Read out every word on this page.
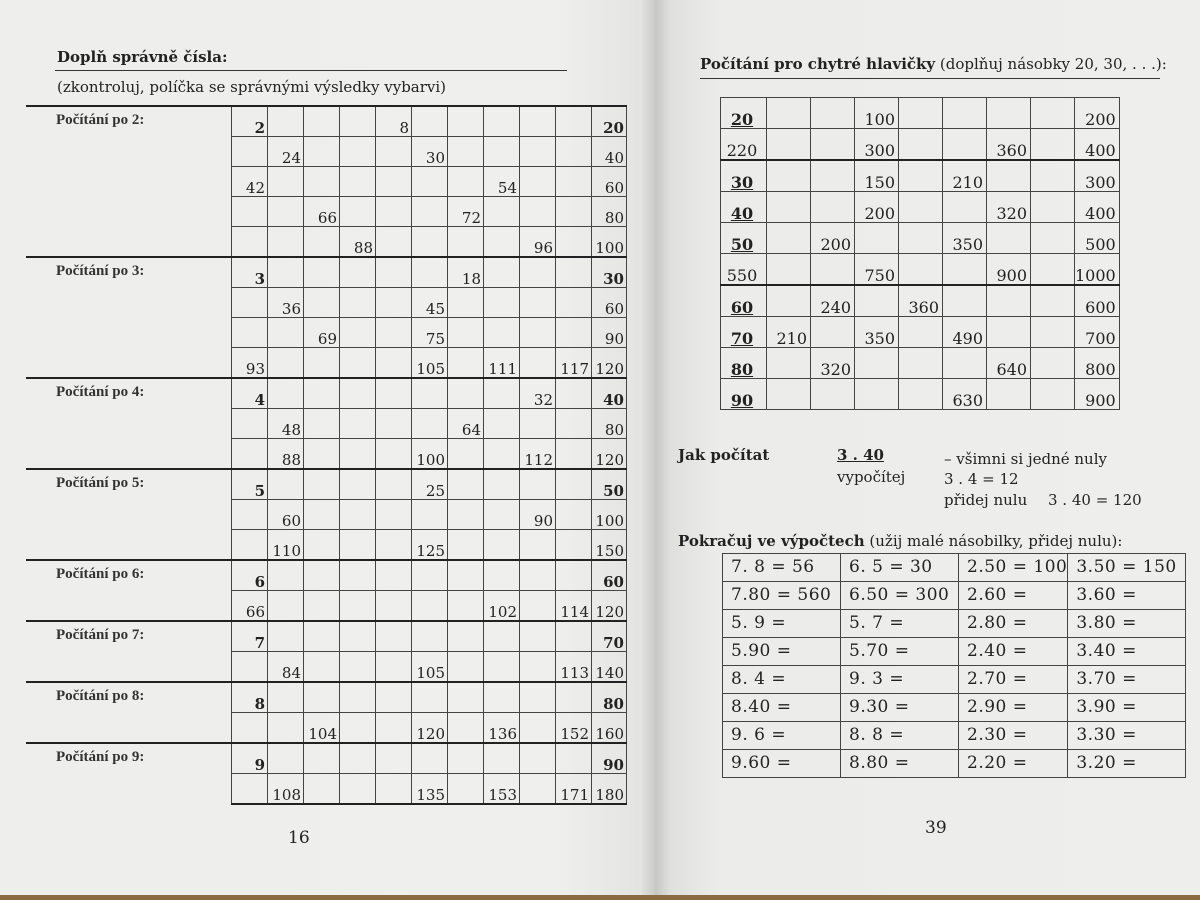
Doplň správně čísla:
(zkontroluj, políčka se správnými výsledky vybarvi)
Počítání po 2:	2				8						20
		24				30					40
	42							54			60
			66				72				80
				88					96		100
Počítání po 3:	3						18				30
		36				45					60
			69			75					90
	93					105		111		117	120
Počítání po 4:	4								32		40
		48					64				80
		88				100			112		120
Počítání po 5:	5					25					50
		60							90		100
		110				125					150
Počítání po 6:	6										60
	66							102		114	120
Počítání po 7:	7										70
		84				105				113	140
Počítání po 8:	8										80
			104			120		136		152	160
Počítání po 9:	9										90
		108				135		153		171	180
16
Počítání pro chytré hlavičky (doplňuj násobky 20, 30, . . .):
20			100					200
220			300			360		400
30			150		210			300
40			200			320		400
50		200			350			500
550			750			900		1000
60		240		360				600
70	210		350		490			700
80		320				640		800
90					630			900
Jak počítat	3 . 40	– všimni si jedné nuly
vypočítej	3 . 4 = 12
přidej nulu 3 . 40 = 120
Pokračuj ve výpočtech (užij malé násobilky, přidej nulu):
7. 8 = 56	6. 5 = 30	2.50 = 100	3.50 = 150
7.80 = 560	6.50 = 300	2.60 =	3.60 =
5. 9 =	5. 7 =	2.80 =	3.80 =
5.90 =	5.70 =	2.40 =	3.40 =
8. 4 =	9. 3 =	2.70 =	3.70 =
8.40 =	9.30 =	2.90 =	3.90 =
9. 6 =	8. 8 =	2.30 =	3.30 =
9.60 =	8.80 =	2.20 =	3.20 =
39
